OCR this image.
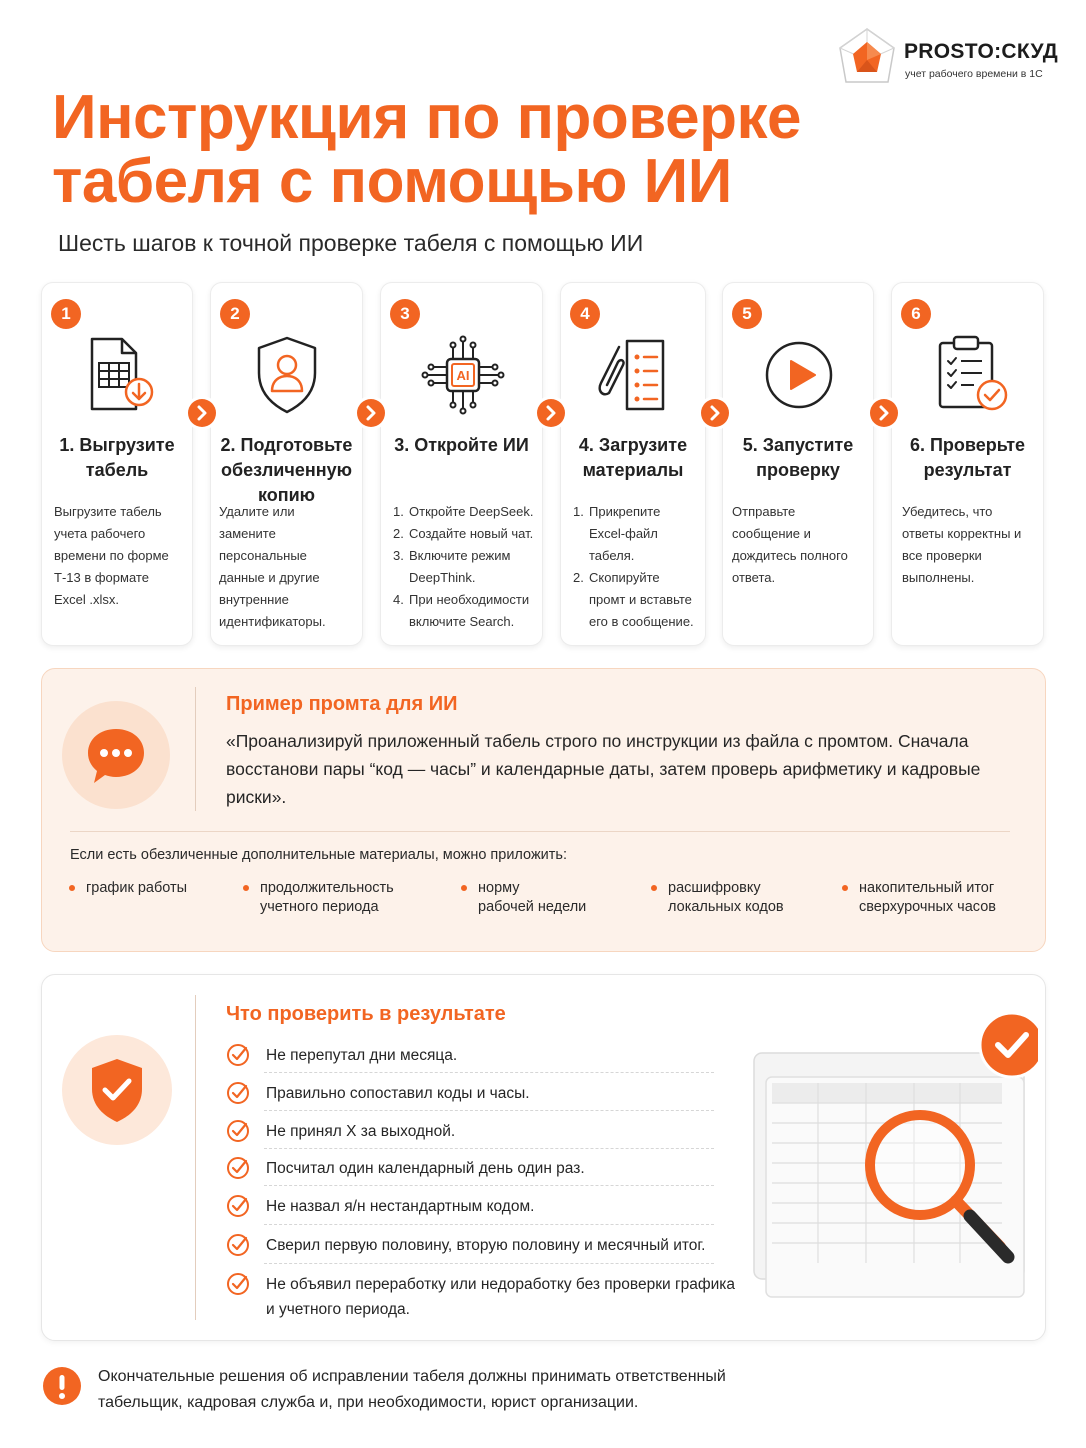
PROSTO:СКУД
учет рабочего времени в 1С
Инструкция по проверке
табеля с помощью ИИ
Шесть шагов к точной проверке табеля с помощью ИИ
1
1. Выгрузите табель
Выгрузите табель учета рабочего времени по форме Т-13 в формате Excel .xlsx.
2
2. Подготовьте обезличенную копию
Удалите или замените персональные данные и другие внутренние идентификаторы.
3
AI
3. Откройте ИИ
1. Откройте DeepSeek.
2. Создайте новый чат.
3. Включите режим DeepThink.
4. При необходимости включите Search.
4
4. Загрузите материалы
1. Прикрепите Excel-файл табеля.
2. Скопируйте промт и вставьте его в сообщение.
5
5. Запустите проверку
Отправьте сообщение и дождитесь полного ответа.
6
6. Проверьте результат
Убедитесь, что ответы корректны и все проверки выполнены.
Пример промта для ИИ
«Проанализируй приложенный табель строго по инструкции из файла с промтом. Сначала восстанови пары “код — часы” и календарные даты, затем проверь арифметику и кадровые риски».
Если есть обезличенные дополнительные материалы, можно приложить:
график работы	продолжительность
учетного периода
норму
рабочей недели
расшифровку
локальных кодов
накопительный итог
сверхурочных часов
Что проверить в результате
Не перепутал дни месяца.
Правильно сопоставил коды и часы.
Не принял Х за выходной.
Посчитал один календарный день один раз.
Не назвал я/н нестандартным кодом.
Сверил первую половину, вторую половину и месячный итог.
Не объявил переработку или недоработку без проверки графика и учетного периода.
Окончательные решения об исправлении табеля должны принимать ответственный табельщик, кадровая служба и, при необходимости, юрист организации.
